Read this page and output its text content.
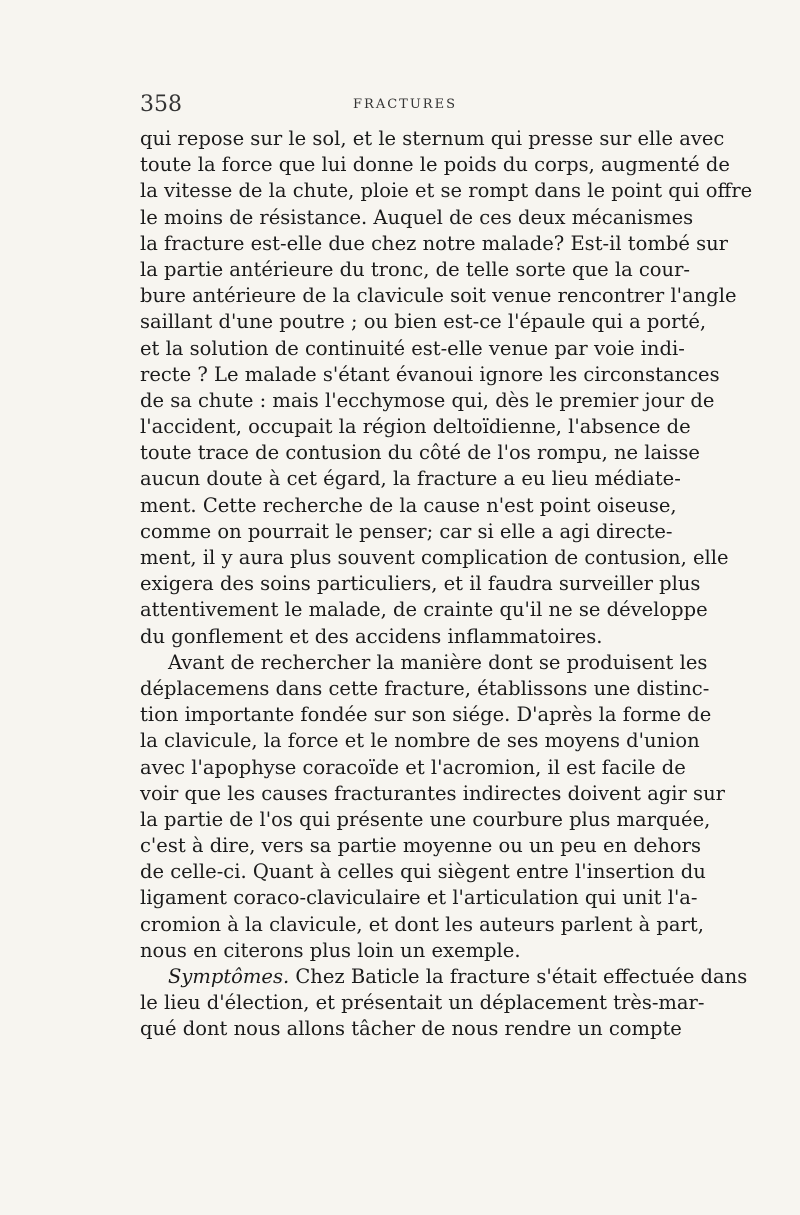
358	FRACTURES
qui repose sur le sol, et le sternum qui presse sur elle avec
toute la force que lui donne le poids du corps, augmenté de
la vitesse de la chute, ploie et se rompt dans le point qui offre
le moins de résistance. Auquel de ces deux mécanismes
la fracture est-elle due chez notre malade? Est-il tombé sur
la partie antérieure du tronc, de telle sorte que la cour-
bure antérieure de la clavicule soit venue rencontrer l'angle
saillant d'une poutre ; ou bien est-ce l'épaule qui a porté,
et la solution de continuité est-elle venue par voie indi-
recte ? Le malade s'étant évanoui ignore les circonstances
de sa chute : mais l'ecchymose qui, dès le premier jour de
l'accident, occupait la région deltoïdienne, l'absence de
toute trace de contusion du côté de l'os rompu, ne laisse
aucun doute à cet égard, la fracture a eu lieu médiate-
ment. Cette recherche de la cause n'est point oiseuse,
comme on pourrait le penser; car si elle a agi directe-
ment, il y aura plus souvent complication de contusion, elle
exigera des soins particuliers, et il faudra surveiller plus
attentivement le malade, de crainte qu'il ne se développe
du gonflement et des accidens inflammatoires.
Avant de rechercher la manière dont se produisent les
déplacemens dans cette fracture, établissons une distinc-
tion importante fondée sur son siége. D'après la forme de
la clavicule, la force et le nombre de ses moyens d'union
avec l'apophyse coracoïde et l'acromion, il est facile de
voir que les causes fracturantes indirectes doivent agir sur
la partie de l'os qui présente une courbure plus marquée,
c'est à dire, vers sa partie moyenne ou un peu en dehors
de celle-ci. Quant à celles qui siègent entre l'insertion du
ligament coraco-claviculaire et l'articulation qui unit l'a-
cromion à la clavicule, et dont les auteurs parlent à part,
nous en citerons plus loin un exemple.
Symptômes. Chez Baticle la fracture s'était effectuée dans
le lieu d'élection, et présentait un déplacement très-mar-
qué dont nous allons tâcher de nous rendre un compte
